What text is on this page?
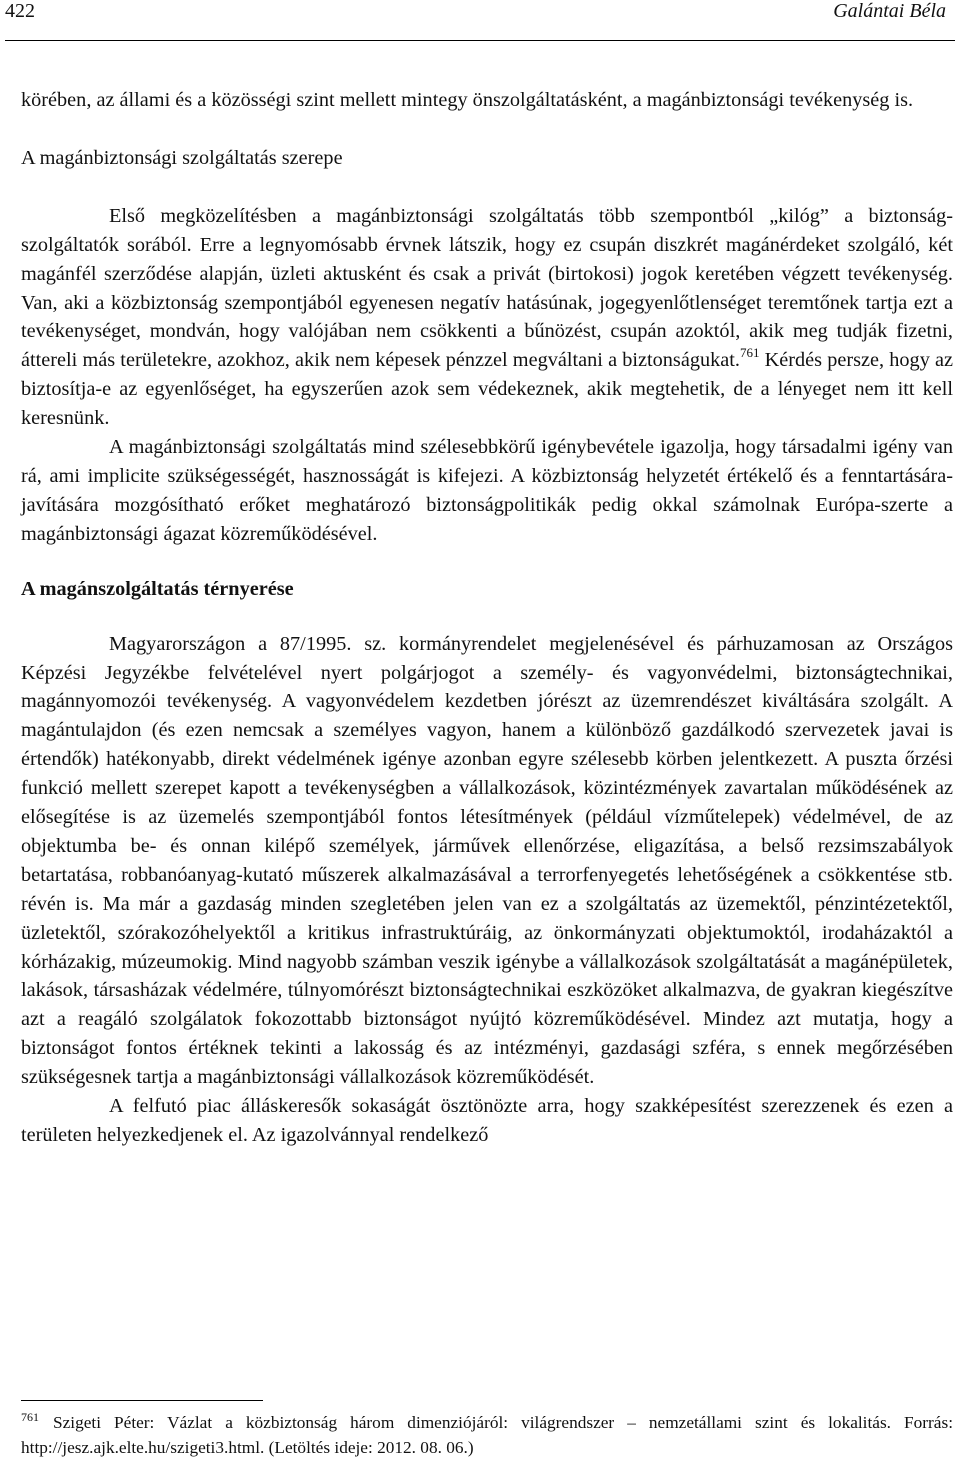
422	Galántai Béla

körében, az állami és a közösségi szint mellett mintegy önszolgáltatásként, a magánbiztonsági tevékenység is.

A magánbiztonsági szolgáltatás szerepe

Első megközelítésben a magánbiztonsági szolgáltatás több szempontból „kilóg” a biztonság-szolgáltatók sorából. Erre a legnyomósabb érvnek látszik, hogy ez csupán diszkrét magánérdeket szolgáló, két magánfél szerződése alapján, üzleti aktusként és csak a privát (birtokosi) jogok keretében végzett tevékenység. Van, aki a közbiztonság szempontjából egyenesen negatív hatásúnak, jogegyenlőtlenséget teremtőnek tartja ezt a tevékenységet, mondván, hogy valójában nem csökkenti a bűnözést, csupán azoktól, akik meg tudják fizetni, áttereli más területekre, azokhoz, akik nem képesek pénzzel megváltani a biztonságukat.$^{761}$ Kérdés persze, hogy az biztosítja-e az egyenlőséget, ha egyszerűen azok sem védekeznek, akik megtehetik, de a lényeget nem itt kell keresnünk.

A magánbiztonsági szolgáltatás mind szélesebbkörű igénybevétele igazolja, hogy társadalmi igény van rá, ami implicite szükségességét, hasznosságát is kifejezi. A közbiztonság helyzetét értékelő és a fenntartására-javítására mozgósítható erőket meghatározó biztonságpolitikák pedig okkal számolnak Európa-szerte a magánbiztonsági ágazat közreműködésével.

A magánszolgáltatás térnyerése

Magyarországon a 87/1995. sz. kormányrendelet megjelenésével és párhuzamosan az Országos Képzési Jegyzékbe felvételével nyert polgárjogot a személy- és vagyonvédelmi, biztonságtechnikai, magánnyomozói tevékenység. A vagyonvédelem kezdetben jórészt az üzemrendészet kiváltására szolgált. A magántulajdon (és ezen nemcsak a személyes vagyon, hanem a különböző gazdálkodó szervezetek javai is értendők) hatékonyabb, direkt védelmének igénye azonban egyre szélesebb körben jelentkezett. A puszta őrzési funkció mellett szerepet kapott a tevékenységben a vállalkozások, közintézmények zavartalan működésének az elősegítése is az üzemelés szempontjából fontos létesítmények (például vízműtelepek) védelmével, de az objektumba be- és onnan kilépő személyek, járművek ellenőrzése, eligazítása, a belső rezsimszabályok betartatása, robbanóanyag-kutató műszerek alkalmazásával a terrorfenyegetés lehetőségének a csökkentése stb. révén is. Ma már a gazdaság minden szegletében jelen van ez a szolgáltatás az üzemektől, pénzintézetektől, üzletektől, szórakozóhelyektől a kritikus infrastruktúráig, az önkormányzati objektumoktól, irodaházaktól a kórházakig, múzeumokig. Mind nagyobb számban veszik igénybe a vállalkozások szolgáltatását a magánépületek, lakások, társasházak védelmére, túlnyomórészt biztonságtechnikai eszközöket alkalmazva, de gyakran kiegészítve azt a reagáló szolgálatok fokozottabb biztonságot nyújtó közreműködésével. Mindez azt mutatja, hogy a biztonságot fontos értéknek tekinti a lakosság és az intézményi, gazdasági szféra, s ennek megőrzésében szükségesnek tartja a magánbiztonsági vállalkozások közreműködését.

A felfutó piac álláskeresők sokaságát ösztönözte arra, hogy szakképesítést szerezzenek és ezen a területen helyezkedjenek el. Az igazolvánnyal rendelkező

$^{761}$ Szigeti Péter: Vázlat a közbiztonság három dimenziójáról: világrendszer – nemzetállami szint és lokalitás. Forrás: http://jesz.ajk.elte.hu/szigeti3.html. (Letöltés ideje: 2012. 08. 06.)
